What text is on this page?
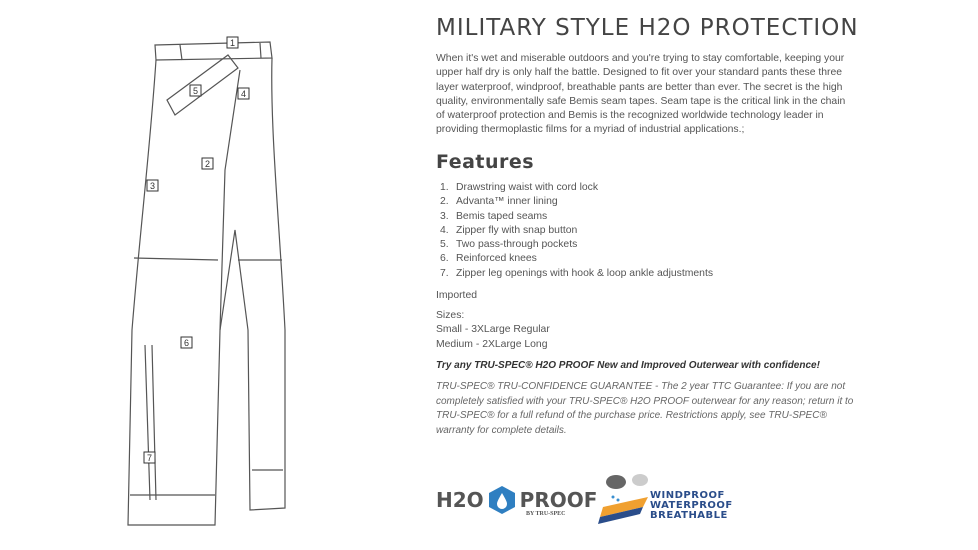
1
2
3
4
5
6
7
MILITARY STYLE H2O PROTECTION

When it's wet and miserable outdoors and you're trying to stay comfortable, keeping your upper half dry is only half the battle. Designed to fit over your standard pants these three layer waterproof, windproof, breathable pants are better than ever. The secret is the high quality, environmentally safe Bemis seam tapes. Seam tape is the critical link in the chain of waterproof protection and Bemis is the recognized worldwide technology leader in providing thermoplastic films for a myriad of industrial applications.;

Features
1. Drawstring waist with cord lock
2. Advanta™ inner lining
3. Bemis taped seams
4. Zipper fly with snap button
5. Two pass-through pockets
6. Reinforced knees
7. Zipper leg openings with hook & loop ankle adjustments
Imported
Sizes:
Small - 3XLarge Regular
Medium - 2XLarge Long
Try any TRU-SPEC® H2O PROOF New and Improved Outerwear with confidence!

TRU-SPEC® TRU-CONFIDENCE GUARANTEE - The 2 year TTC Guarantee: If you are not completely satisfied with your TRU-SPEC® H2O PROOF outerwear for any reason; return it to TRU-SPEC® for a full refund of the purchase price. Restrictions apply, see TRU-SPEC® warranty for complete details.

H2O PROOF
BY TRU-SPEC
WINDPROOF
WATERPROOF
BREATHABLE
